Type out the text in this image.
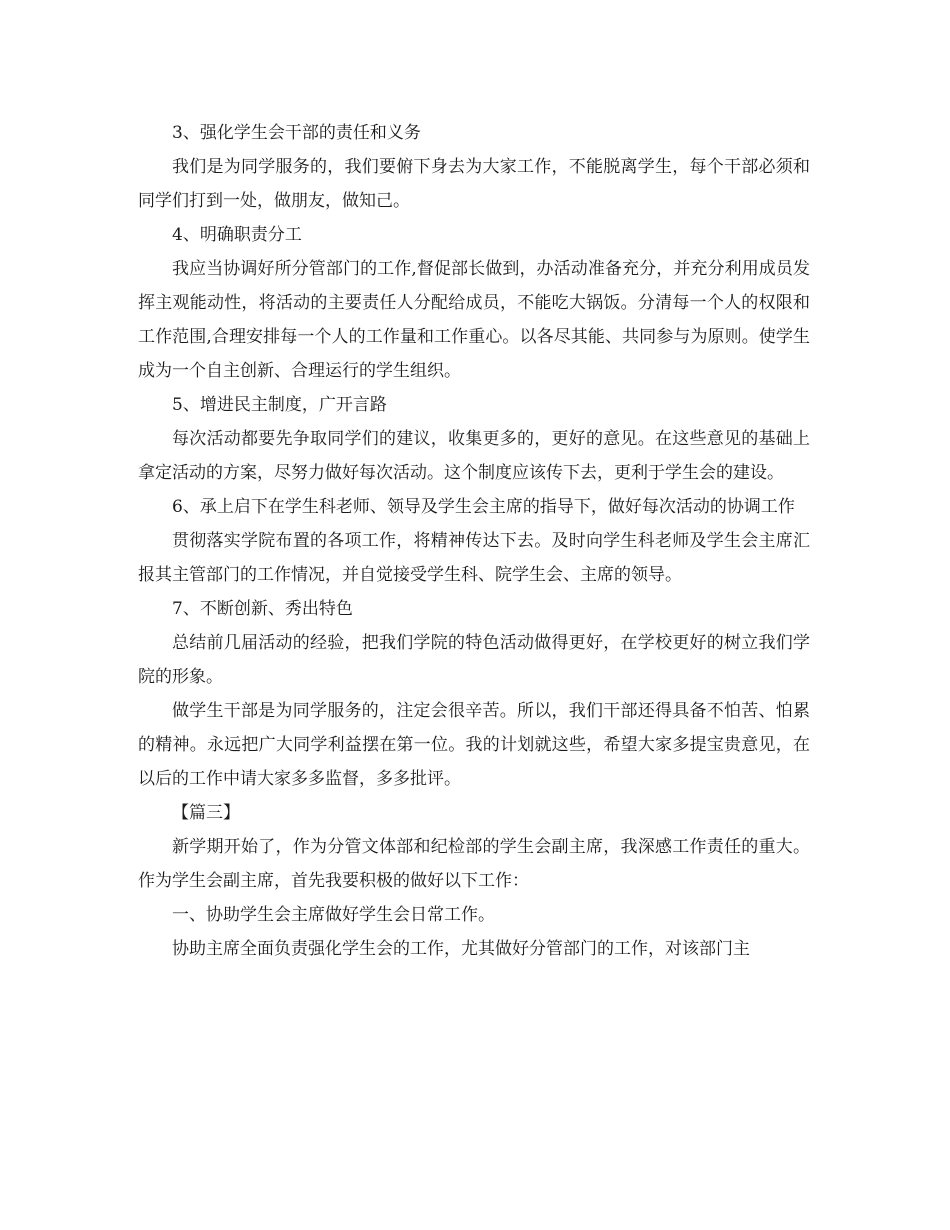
3、强化学生会干部的责任和义务

我们是为同学服务的，我们要俯下身去为大家工作，不能脱离学生，每个干部必须和同学们打到一处，做朋友，做知己。

4、明确职责分工

我应当协调好所分管部门的工作,督促部长做到，办活动准备充分，并充分利用成员发挥主观能动性，将活动的主要责任人分配给成员，不能吃大锅饭。分清每一个人的权限和工作范围,合理安排每一个人的工作量和工作重心。以各尽其能、共同参与为原则。使学生成为一个自主创新、合理运行的学生组织。

5、增进民主制度，广开言路

每次活动都要先争取同学们的建议，收集更多的，更好的意见。在这些意见的基础上拿定活动的方案，尽努力做好每次活动。这个制度应该传下去，更利于学生会的建设。

6、承上启下在学生科老师、领导及学生会主席的指导下，做好每次活动的协调工作

贯彻落实学院布置的各项工作，将精神传达下去。及时向学生科老师及学生会主席汇报其主管部门的工作情况，并自觉接受学生科、院学生会、主席的领导。

7、不断创新、秀出特色

总结前几届活动的经验，把我们学院的特色活动做得更好，在学校更好的树立我们学院的形象。

做学生干部是为同学服务的，注定会很辛苦。所以，我们干部还得具备不怕苦、怕累的精神。永远把广大同学利益摆在第一位。我的计划就这些，希望大家多提宝贵意见，在以后的工作中请大家多多监督，多多批评。

【篇三】

新学期开始了，作为分管文体部和纪检部的学生会副主席，我深感工作责任的重大。作为学生会副主席，首先我要积极的做好以下工作：

一、协助学生会主席做好学生会日常工作。

协助主席全面负责强化学生会的工作，尤其做好分管部门的工作，对该部门主
